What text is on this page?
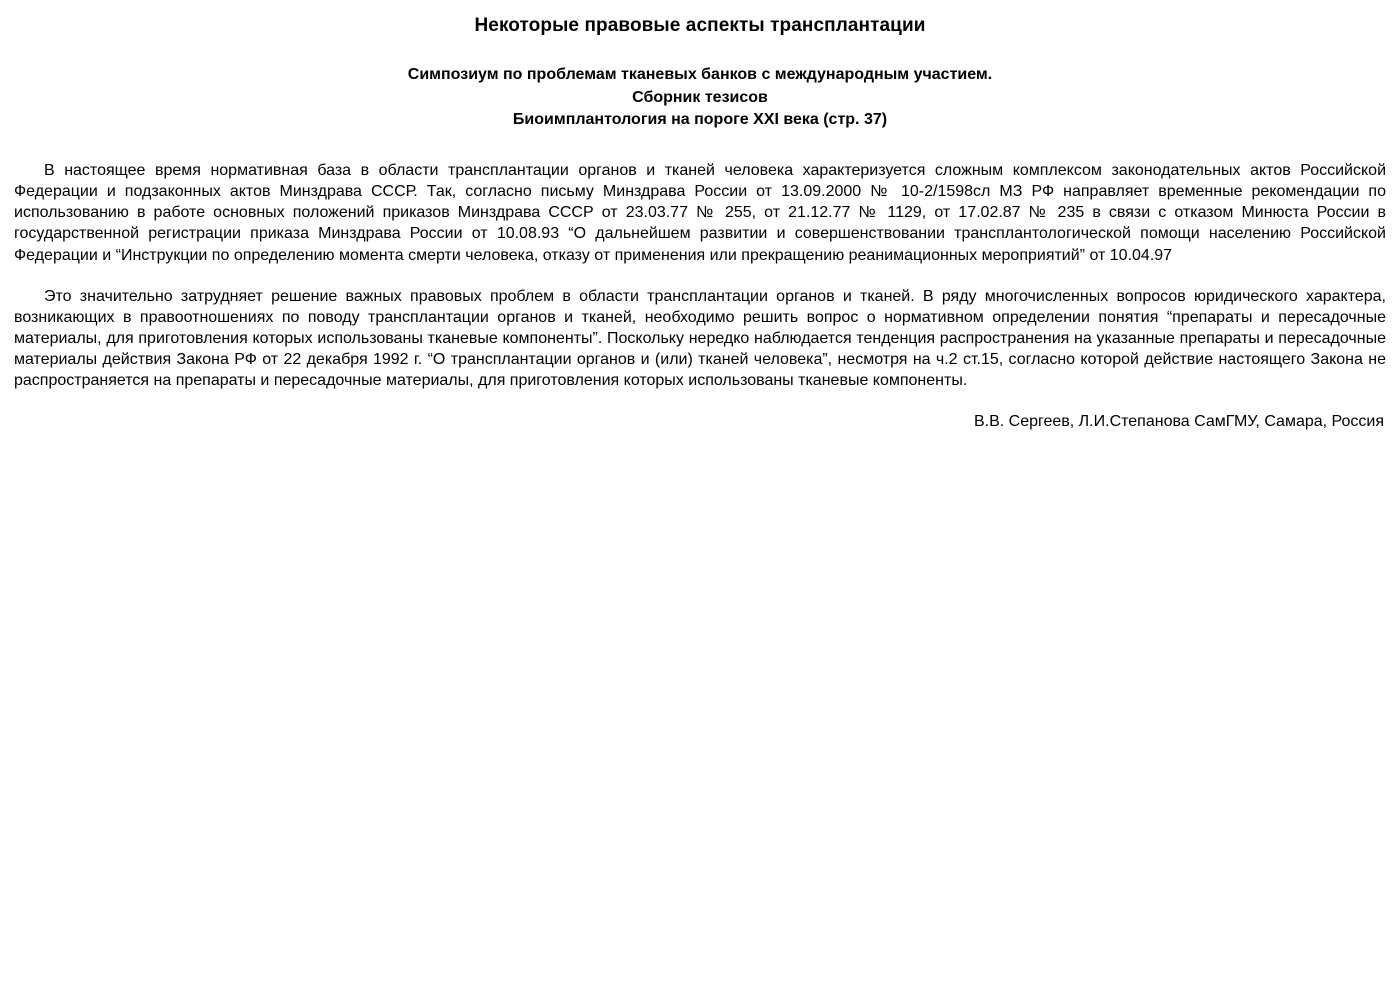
Некоторые правовые аспекты трансплантации
Симпозиум по проблемам тканевых банков с международным участием.
Сборник тезисов
Биоимплантология на пороге XXI века (стр. 37)

В настоящее время нормативная база в области трансплантации органов и тканей человека характеризуется сложным комплексом законодательных актов Российской Федерации и подзаконных актов Минздрава СССР. Так, согласно письму Минздрава России от 13.09.2000 № 10-2/1598сл МЗ РФ направляет временные рекомендации по использованию в работе основных положений приказов Минздрава СССР от 23.03.77 № 255, от 21.12.77 № 1129, от 17.02.87 № 235 в связи с отказом Минюста России в государственной регистрации приказа Минздрава России от 10.08.93 “О дальнейшем развитии и совершенствовании трансплантологической помощи населению Российской Федерации и “Инструкции по определению момента смерти человека, отказу от применения или прекращению реанимационных мероприятий” от 10.04.97

Это значительно затрудняет решение важных правовых проблем в области трансплантации органов и тканей. В ряду многочисленных вопросов юридического характера, возникающих в правоотношениях по поводу трансплантации органов и тканей, необходимо решить вопрос о нормативном определении понятия “препараты и пересадочные материалы, для приготовления которых использованы тканевые компоненты”. Поскольку нередко наблюдается тенденция распространения на указанные препараты и пересадочные материалы действия Закона РФ от 22 декабря 1992 г. “О трансплантации органов и (или) тканей человека”, несмотря на ч.2 ст.15, согласно которой действие настоящего Закона не распространяется на препараты и пересадочные материалы, для приготовления которых использованы тканевые компоненты.

В.В. Сергеев, Л.И.Степанова СамГМУ, Самара, Россия
